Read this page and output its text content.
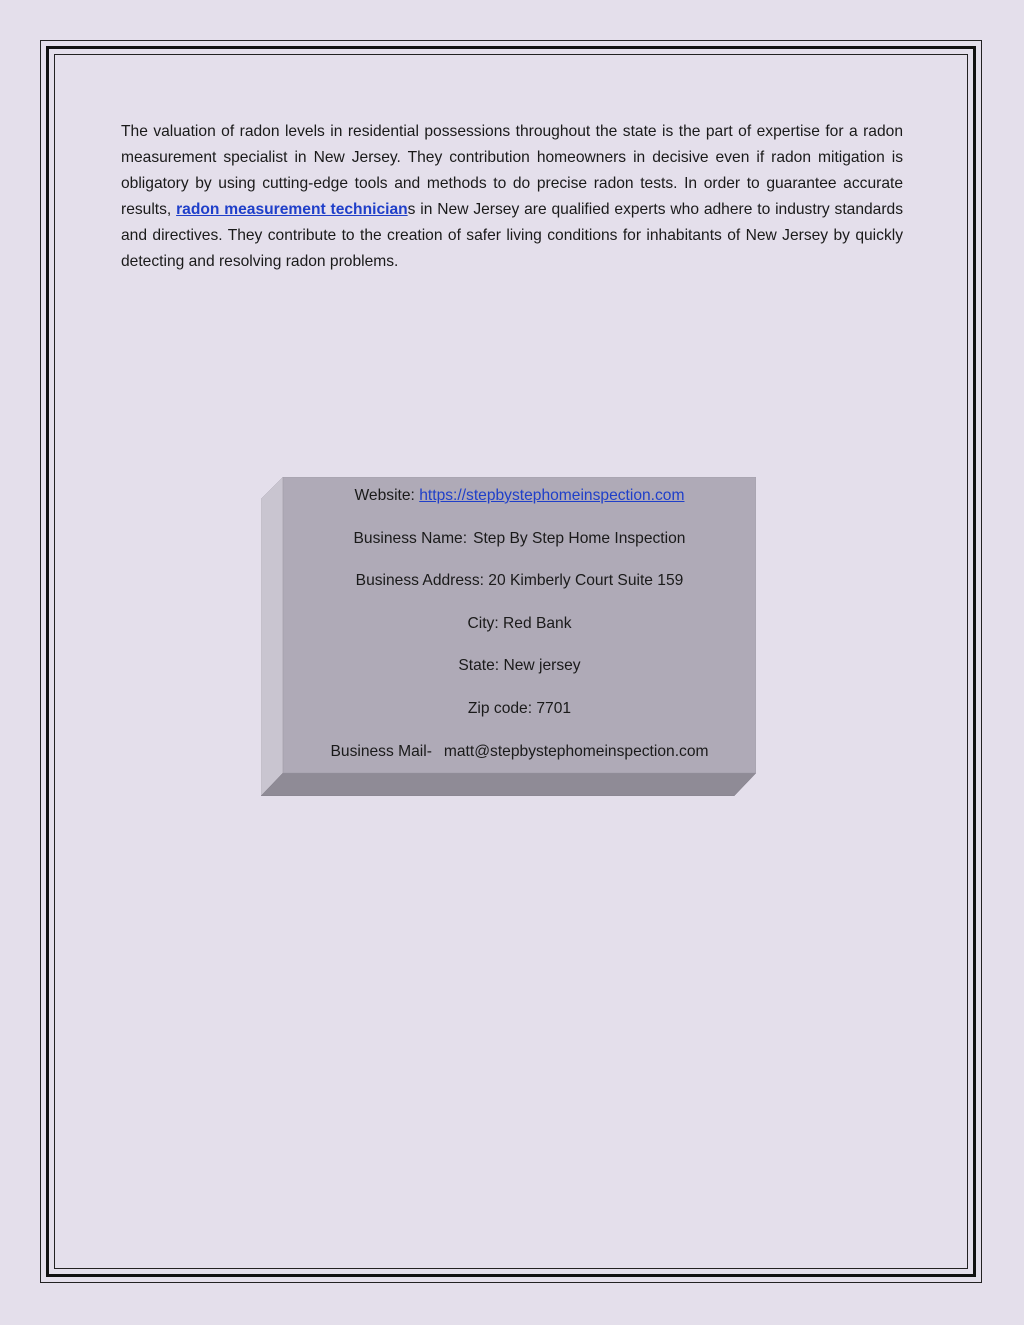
The valuation of radon levels in residential possessions throughout the state is the part of expertise for a radon measurement specialist in New Jersey. They contribution homeowners in decisive even if radon mitigation is obligatory by using cutting-edge tools and methods to do precise radon tests. In order to guarantee accurate results, radon measurement technicians in New Jersey are qualified experts who adhere to industry standards and directives. They contribute to the creation of safer living conditions for inhabitants of New Jersey by quickly detecting and resolving radon problems.

Website: https://stepbystephomeinspection.com
Business Name: Step By Step Home Inspection
Business Address: 20 Kimberly Court Suite 159
City: Red Bank
State: New jersey
Zip code: 7701
Business Mail- matt@stepbystephomeinspection.com
